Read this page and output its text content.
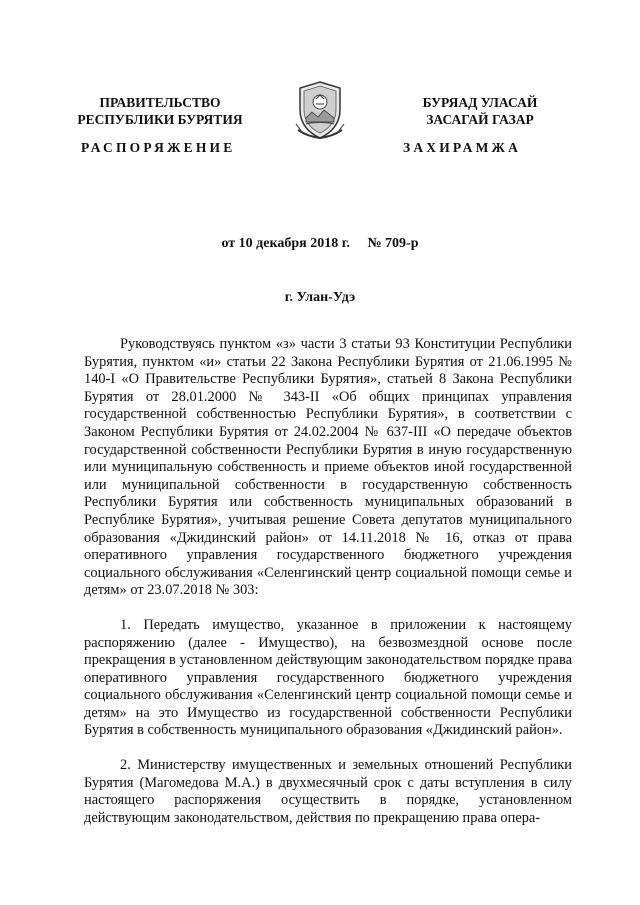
ПРАВИТЕЛЬСТВО
РЕСПУБЛИКИ БУРЯТИЯ
БУРЯАД УЛАСАЙ
ЗАСАГАЙ ГАЗАР
РАСПОРЯЖЕНИЕ	ЗАХИРАМЖА
от 10 декабря 2018 г. № 709-р
г. Улан-Удэ

Руководствуясь пунктом «з» части 3 статьи 93 Конституции Республики Бурятия, пунктом «и» статьи 22 Закона Республики Бурятия от 21.06.1995 № 140-I «О Правительстве Республики Бурятия», статьей 8 Закона Республики Бурятия от 28.01.2000 № 343-II «Об общих принципах управления государственной собственностью Республики Бурятия», в соответствии с Законом Республики Бурятия от 24.02.2004 № 637-III «О передаче объектов государственной собственности Республики Бурятия в иную государственную или муниципальную собственность и приеме объектов иной государственной или муниципальной собственности в государственную собственность Республики Бурятия или собственность муниципальных образований в Республике Бурятия», учитывая решение Совета депутатов муниципального образования «Джидинский район» от 14.11.2018 № 16, отказ от права оперативного управления государственного бюджетного учреждения социального обслуживания «Селенгинский центр социальной помощи семье и детям» от 23.07.2018 № 303:

1. Передать имущество, указанное в приложении к настоящему распоряжению (далее - Имущество), на безвозмездной основе после прекращения в установленном действующим законодательством порядке права оперативного управления государственного бюджетного учреждения социального обслуживания «Селенгинский центр социальной помощи семье и детям» на это Имущество из государственной собственности Республики Бурятия в собственность муниципального образования «Джидинский район».

2. Министерству имущественных и земельных отношений Республики Бурятия (Магомедова М.А.) в двухмесячный срок с даты вступления в силу настоящего распоряжения осуществить в порядке, установленном действующим законодательством, действия по прекращению права опера-
